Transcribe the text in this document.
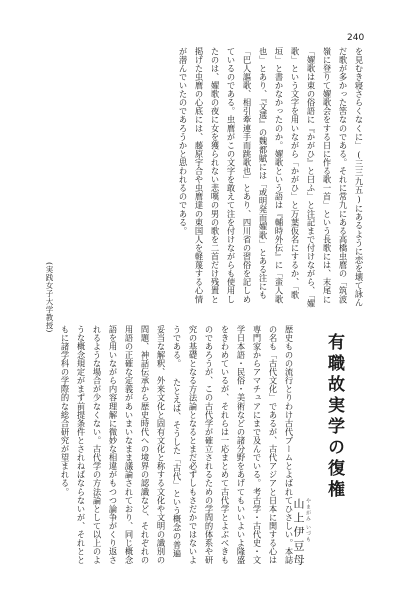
240
を見むき寝さらくなくに」(三三九五)にあるように恋を壊て詠んだ歌が多かった筈なのである。それに常九にある高橋虫麿の「筑波嶺に登りて嬥歌会をする日に作る歌一首」という長歌には、末尾に「嬥歌は東の俗語に『かがひ』と曰ふ」と注記まで付けながら、「嬥歌」という文字を用いながら「かがひ」と万葉仮名にするか、「歌垣」と書かなかったのか。嬥歌という語は『輔時外伝』に「蛮人歌也」とあり、『文選』の魏都賦には「或明発而嬥歌」とある注にも「巴人謳歌、相引牽連手而跳歌也」とあり、四川省の習俗を記しめているのである。虫麿がこの文字を敢えて注を付けながらも使用したのは、嬥歌の夜に女を獲られない悲嘆の男の歌を二首だけ残置と掲げた虫麿の心底には、藤原宇合や虫麿達の東国人を軽蔑する心情が潜んでいたのであろうかと思われるのである。
(実践女子大学教授)
有職故実学の復権
やまがみ いづも
山上伊豆母
歴史ものの流行とりわけ古代ブームとよばれてひさしい。本誌の名も「古代文化」であるが、古代アジアと日本に関する心は専門家からアマチュアにまで及んでいる。考古学・古代史・文学日本語・民俗・美術などの諸分野をあげてもいいよいよ隆盛をきわめているが、それらは一応まとめて古代学とよぶべきものであろうが、この古代学が確立されるための学問的体系や研究の基礎となる方法論となるとまだ必ずしもさだかではないようである。 たとえば、そうした「古代」という概念の普遍妥当な解釈、外来文化と固有文化と称する文化や文明の識別の問題、神話伝承から歴史時代への境界の認識など、それぞれの用語の正確な定義があいまいなまま議論されており、同じ概念語を用いながら内容理解に微妙な相違がもつつ論争がくり返されるような場合が少なくない。古代学の方法論として以上のような概念規定がまず前提条件とされねばならないが、それとともに諸学科の学際的な総合研究が望まれる。
